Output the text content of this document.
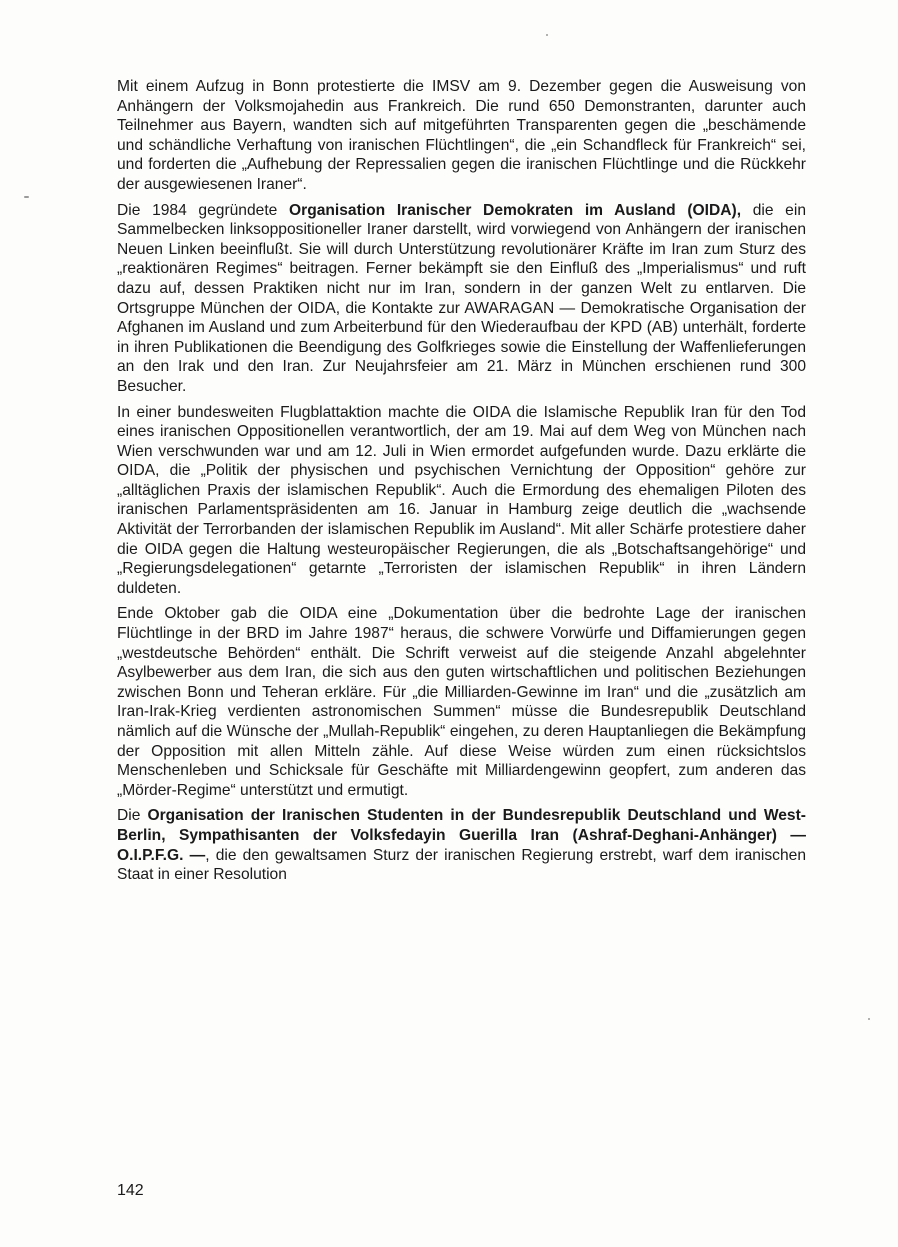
Mit einem Aufzug in Bonn protestierte die IMSV am 9. Dezember gegen die Ausweisung von Anhängern der Volksmojahedin aus Frankreich. Die rund 650 Demonstranten, darunter auch Teilnehmer aus Bayern, wandten sich auf mitgeführten Transparenten gegen die „beschämende und schändliche Verhaftung von iranischen Flüchtlingen“, die „ein Schandfleck für Frankreich“ sei, und forderten die „Aufhebung der Repressalien gegen die iranischen Flüchtlinge und die Rückkehr der ausgewiesenen Iraner“.

Die 1984 gegründete Organisation Iranischer Demokraten im Ausland (OIDA), die ein Sammelbecken linksoppositioneller Iraner darstellt, wird vorwiegend von Anhängern der iranischen Neuen Linken beeinflußt. Sie will durch Unterstützung revolutionärer Kräfte im Iran zum Sturz des „reaktionären Regimes“ beitragen. Ferner bekämpft sie den Einfluß des „Imperialismus“ und ruft dazu auf, dessen Praktiken nicht nur im Iran, sondern in der ganzen Welt zu entlarven. Die Ortsgruppe München der OIDA, die Kontakte zur AWARAGAN — Demokratische Organisation der Afghanen im Ausland und zum Arbeiterbund für den Wiederaufbau der KPD (AB) unterhält, forderte in ihren Publikationen die Beendigung des Golfkrieges sowie die Einstellung der Waffenlieferungen an den Irak und den Iran. Zur Neujahrsfeier am 21. März in München erschienen rund 300 Besucher.

In einer bundesweiten Flugblattaktion machte die OIDA die Islamische Republik Iran für den Tod eines iranischen Oppositionellen verantwortlich, der am 19. Mai auf dem Weg von München nach Wien verschwunden war und am 12. Juli in Wien ermordet aufgefunden wurde. Dazu erklärte die OIDA, die „Politik der physischen und psychischen Vernichtung der Opposition“ gehöre zur „alltäglichen Praxis der islamischen Republik“. Auch die Ermordung des ehemaligen Piloten des iranischen Parlamentspräsidenten am 16. Januar in Hamburg zeige deutlich die „wachsende Aktivität der Terrorbanden der islamischen Republik im Ausland“. Mit aller Schärfe protestiere daher die OIDA gegen die Haltung westeuropäischer Regierungen, die als „Botschaftsangehörige“ und „Regierungsdelegationen“ getarnte „Terroristen der islamischen Republik“ in ihren Ländern duldeten.

Ende Oktober gab die OIDA eine „Dokumentation über die bedrohte Lage der iranischen Flüchtlinge in der BRD im Jahre 1987“ heraus, die schwere Vorwürfe und Diffamierungen gegen „westdeutsche Behörden“ enthält. Die Schrift verweist auf die steigende Anzahl abgelehnter Asylbewerber aus dem Iran, die sich aus den guten wirtschaftlichen und politischen Beziehungen zwischen Bonn und Teheran erkläre. Für „die Milliarden-Gewinne im Iran“ und die „zusätzlich am Iran-Irak-Krieg verdienten astronomischen Summen“ müsse die Bundesrepublik Deutschland nämlich auf die Wünsche der „Mullah-Republik“ eingehen, zu deren Hauptanliegen die Bekämpfung der Opposition mit allen Mitteln zähle. Auf diese Weise würden zum einen rücksichtslos Menschenleben und Schicksale für Geschäfte mit Milliardengewinn geopfert, zum anderen das „Mörder-Regime“ unterstützt und ermutigt.

Die Organisation der Iranischen Studenten in der Bundesrepublik Deutschland und West-Berlin, Sympathisanten der Volksfedayin Guerilla Iran (Ashraf-Deghani-Anhänger) — O.I.P.F.G. —, die den gewaltsamen Sturz der iranischen Regierung erstrebt, warf dem iranischen Staat in einer Resolution

142
